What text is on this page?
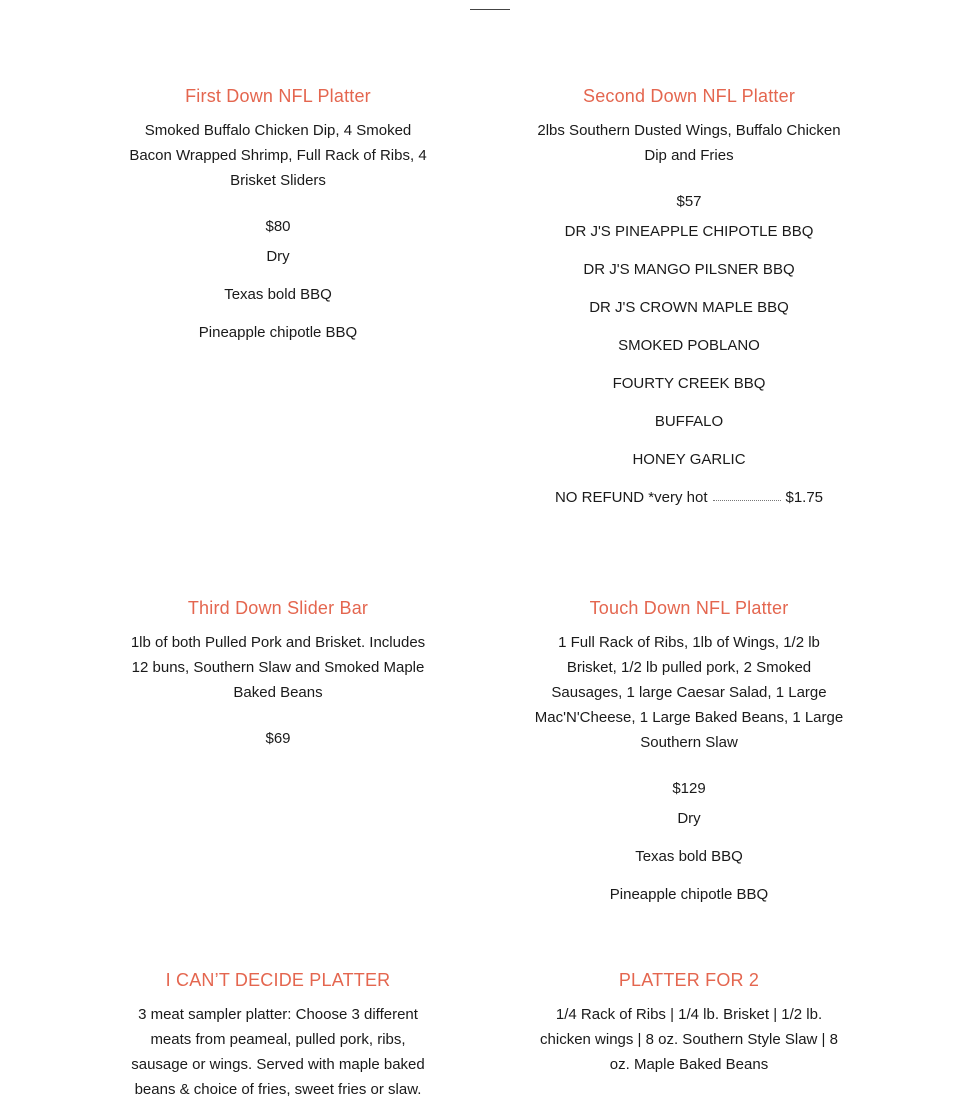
First Down NFL Platter
Smoked Buffalo Chicken Dip, 4 Smoked Bacon Wrapped Shrimp, Full Rack of Ribs, 4 Brisket Sliders
$80
Dry
Texas bold BBQ
Pineapple chipotle BBQ
Second Down NFL Platter
2lbs Southern Dusted Wings, Buffalo Chicken Dip and Fries
$57
DR J'S PINEAPPLE CHIPOTLE BBQ
DR J'S MANGO PILSNER BBQ
DR J'S CROWN MAPLE BBQ
SMOKED POBLANO
FOURTY CREEK BBQ
BUFFALO
HONEY GARLIC
NO REFUND *very hot	$1.75
Third Down Slider Bar
1lb of both Pulled Pork and Brisket. Includes 12 buns, Southern Slaw and Smoked Maple Baked Beans
$69
Touch Down NFL Platter
1 Full Rack of Ribs, 1lb of Wings, 1/2 lb Brisket, 1/2 lb pulled pork, 2 Smoked Sausages, 1 large Caesar Salad, 1 Large Mac'N'Cheese, 1 Large Baked Beans, 1 Large Southern Slaw
$129
Dry
Texas bold BBQ
Pineapple chipotle BBQ
I CAN’T DECIDE PLATTER
3 meat sampler platter: Choose 3 different meats from peameal, pulled pork, ribs, sausage or wings. Served with maple baked beans & choice of fries, sweet fries or slaw.
PLATTER FOR 2
1/4 Rack of Ribs | 1/4 lb. Brisket | 1/2 lb. chicken wings | 8 oz. Southern Style Slaw | 8 oz. Maple Baked Beans
